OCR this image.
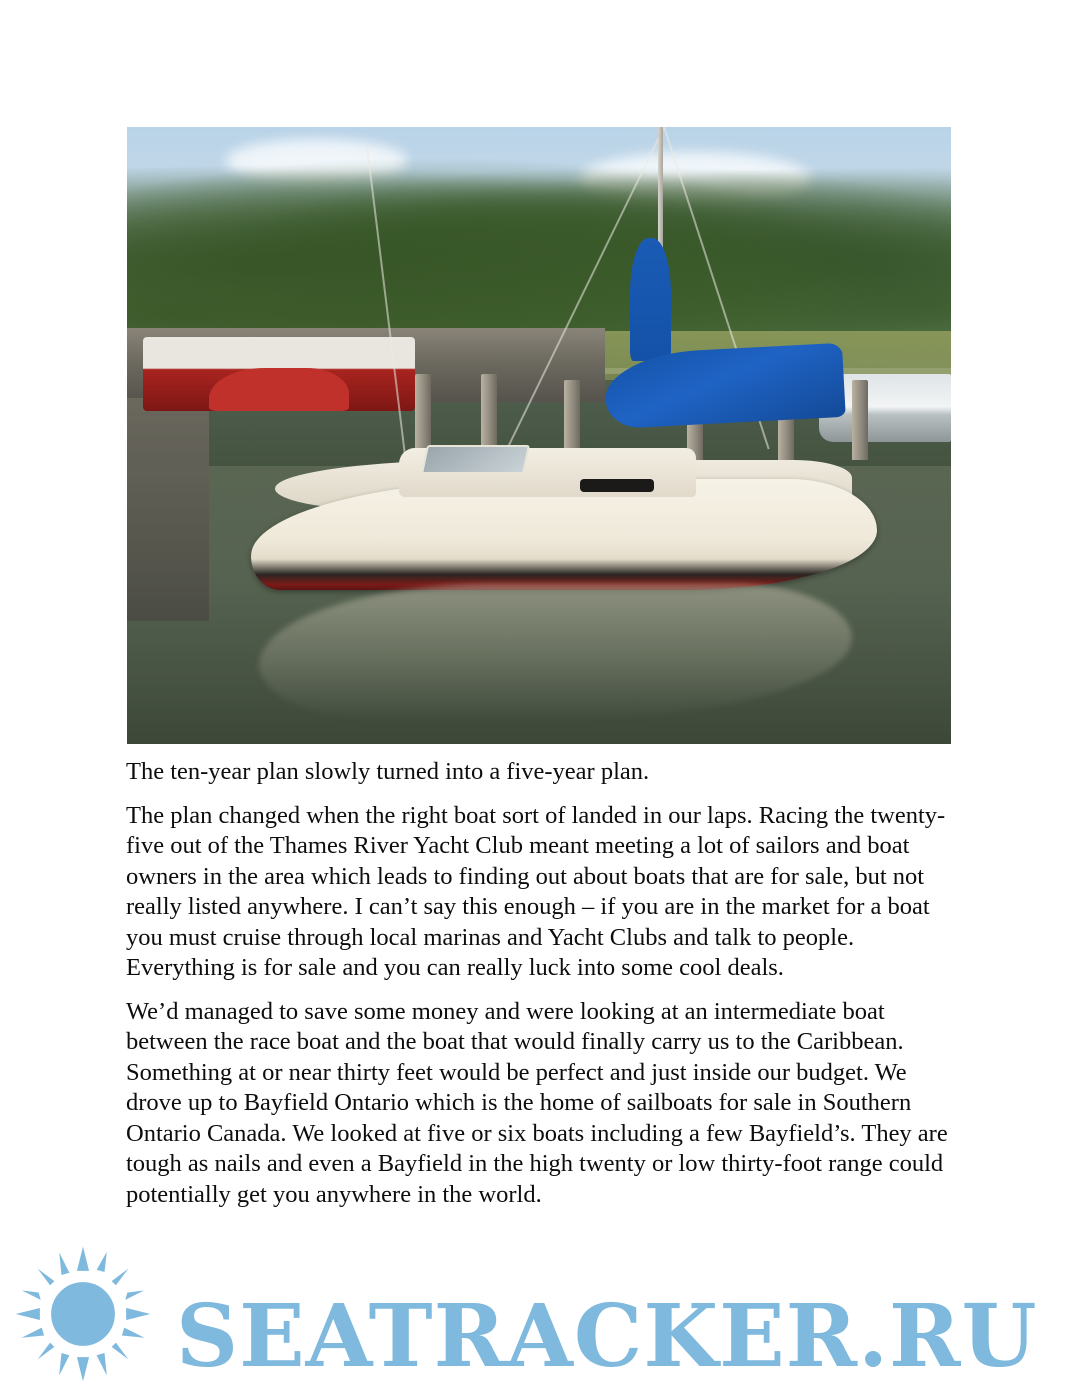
The ten-year plan slowly turned into a five-year plan.

The plan changed when the right boat sort of landed in our laps. Racing the twenty-five out of the Thames River Yacht Club meant meeting a lot of sailors and boat owners in the area which leads to finding out about boats that are for sale, but not really listed anywhere. I can’t say this enough – if you are in the market for a boat you must cruise through local marinas and Yacht Clubs and talk to people. Everything is for sale and you can really luck into some cool deals.

We’d managed to save some money and were looking at an intermediate boat between the race boat and the boat that would finally carry us to the Caribbean. Something at or near thirty feet would be perfect and just inside our budget. We drove up to Bayfield Ontario which is the home of sailboats for sale in Southern Ontario Canada. We looked at five or six boats including a few Bayfield’s. They are tough as nails and even a Bayfield in the high twenty or low thirty-foot range could potentially get you anywhere in the world.

SEATRACKER.RU
